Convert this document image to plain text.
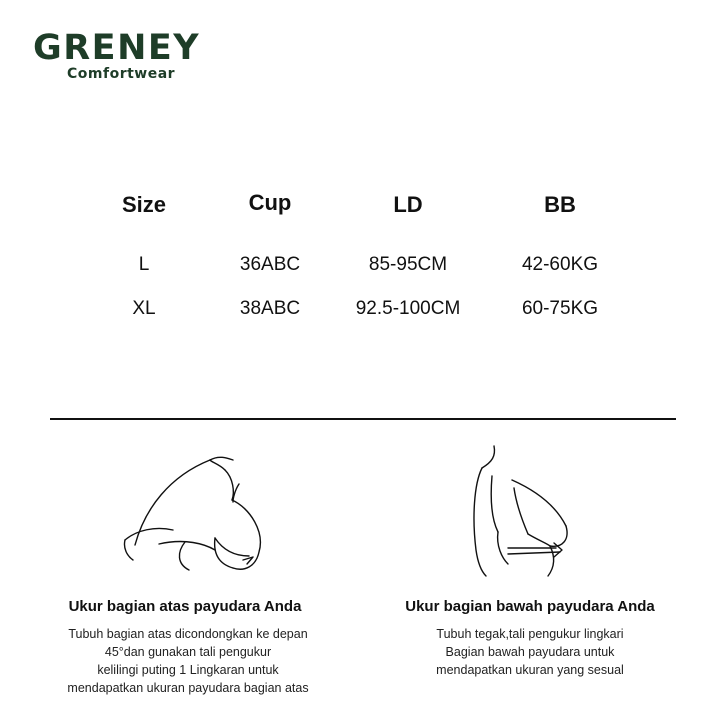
GRENEY
Comfortwear
Size	Cup	LD	BB
L	36ABC	85-95CM	42-60KG
XL	38ABC	92.5-100CM	60-75KG
Ukur bagian atas payudara Anda
Tubuh bagian atas dicondongkan ke depan
45°dan gunakan tali pengukur
kelilingi puting 1 Lingkaran untuk
mendapatkan ukuran payudara bagian atas
Ukur bagian bawah payudara Anda
Tubuh tegak,tali pengukur lingkari
Bagian bawah payudara untuk
mendapatkan ukuran yang sesual
